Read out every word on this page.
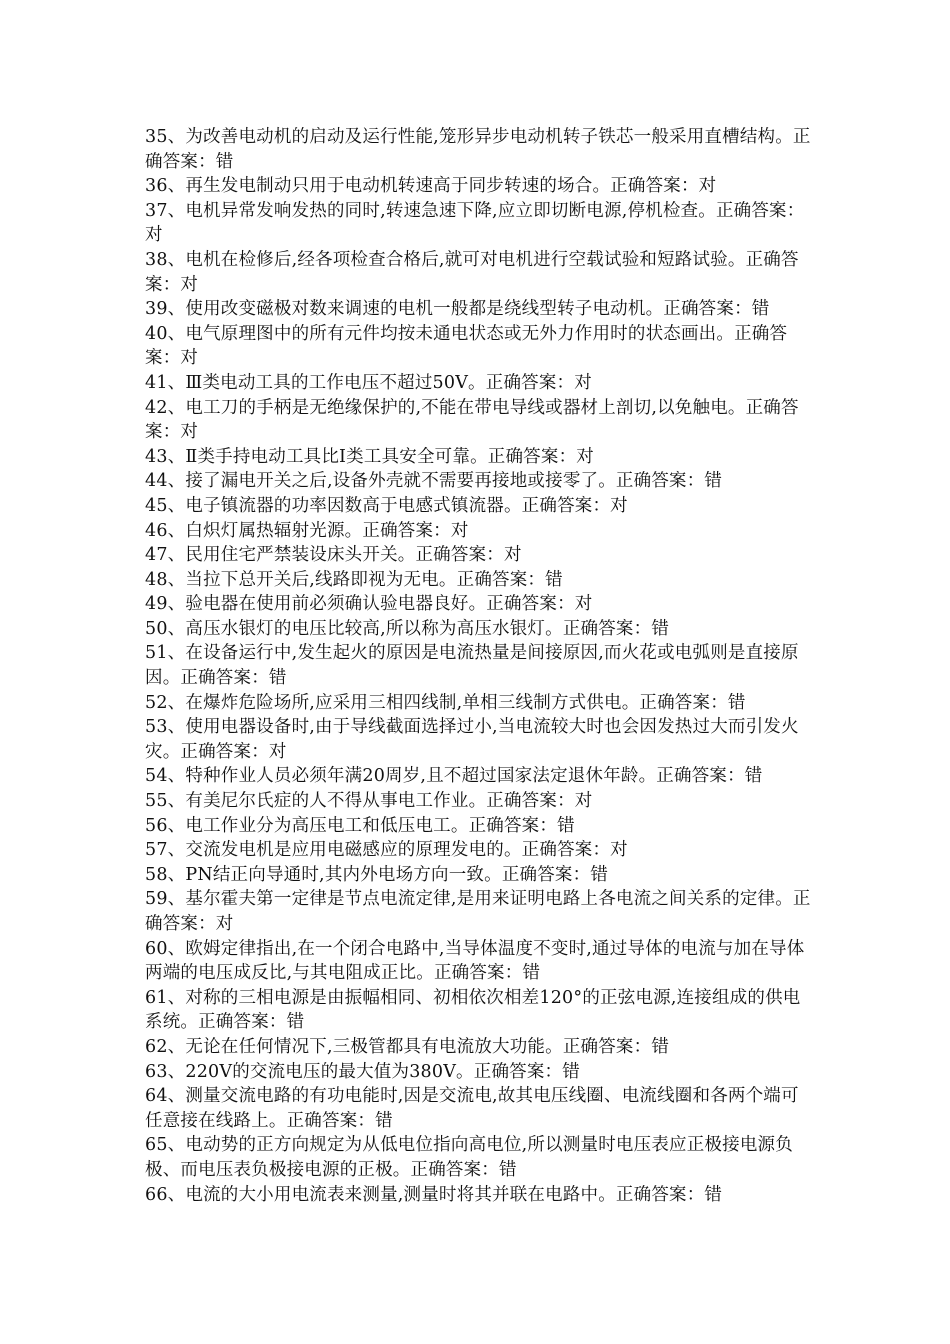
35、为改善电动机的启动及运行性能,笼形异步电动机转子铁芯一般采用直槽结构。正确答案：错

36、再生发电制动只用于电动机转速高于同步转速的场合。正确答案：对

37、电机异常发响发热的同时,转速急速下降,应立即切断电源,停机检查。正确答案：对

38、电机在检修后,经各项检查合格后,就可对电机进行空载试验和短路试验。正确答案：对

39、使用改变磁极对数来调速的电机一般都是绕线型转子电动机。正确答案：错

40、电气原理图中的所有元件均按未通电状态或无外力作用时的状态画出。正确答案：对

41、Ⅲ类电动工具的工作电压不超过50V。正确答案：对

42、电工刀的手柄是无绝缘保护的,不能在带电导线或器材上剖切,以免触电。正确答案：对

43、Ⅱ类手持电动工具比Ⅰ类工具安全可靠。正确答案：对

44、接了漏电开关之后,设备外壳就不需要再接地或接零了。正确答案：错

45、电子镇流器的功率因数高于电感式镇流器。正确答案：对

46、白炽灯属热辐射光源。正确答案：对

47、民用住宅严禁装设床头开关。正确答案：对

48、当拉下总开关后,线路即视为无电。正确答案：错

49、验电器在使用前必须确认验电器良好。正确答案：对

50、高压水银灯的电压比较高,所以称为高压水银灯。正确答案：错

51、在设备运行中,发生起火的原因是电流热量是间接原因,而火花或电弧则是直接原因。正确答案：错

52、在爆炸危险场所,应采用三相四线制,单相三线制方式供电。正确答案：错

53、使用电器设备时,由于导线截面选择过小,当电流较大时也会因发热过大而引发火灾。正确答案：对

54、特种作业人员必须年满20周岁,且不超过国家法定退休年龄。正确答案：错

55、有美尼尔氏症的人不得从事电工作业。正确答案：对

56、电工作业分为高压电工和低压电工。正确答案：错

57、交流发电机是应用电磁感应的原理发电的。正确答案：对

58、PN结正向导通时,其内外电场方向一致。正确答案：错

59、基尔霍夫第一定律是节点电流定律,是用来证明电路上各电流之间关系的定律。正确答案：对

60、欧姆定律指出,在一个闭合电路中,当导体温度不变时,通过导体的电流与加在导体两端的电压成反比,与其电阻成正比。正确答案：错

61、对称的三相电源是由振幅相同、初相依次相差120°的正弦电源,连接组成的供电系统。正确答案：错

62、无论在任何情况下,三极管都具有电流放大功能。正确答案：错

63、220V的交流电压的最大值为380V。正确答案：错

64、测量交流电路的有功电能时,因是交流电,故其电压线圈、电流线圈和各两个端可任意接在线路上。正确答案：错

65、电动势的正方向规定为从低电位指向高电位,所以测量时电压表应正极接电源负极、而电压表负极接电源的正极。正确答案：错

66、电流的大小用电流表来测量,测量时将其并联在电路中。正确答案：错
